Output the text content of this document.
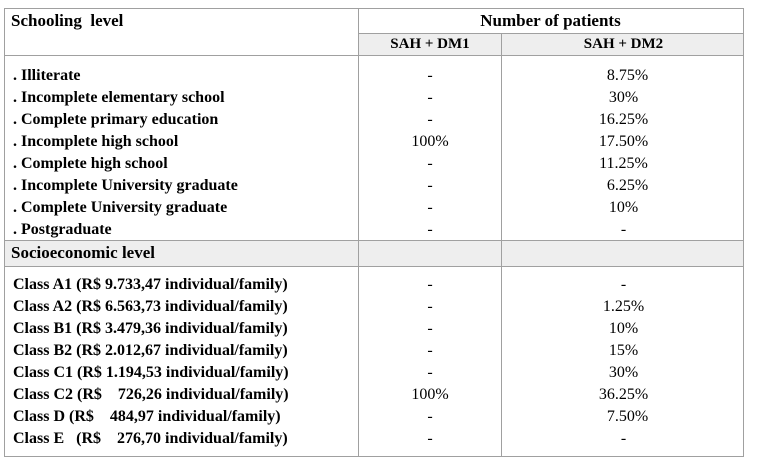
Schooling  level	Number of patients
SAH + DM1	SAH + DM2
. Illiterate	-	8.75%
. Incomplete elementary school	-	30%
. Complete primary education	-	16.25%
. Incomplete high school	100%	17.50%
. Complete high school	-	11.25%
. Incomplete University graduate	-	6.25%
. Complete University graduate	-	10%
. Postgraduate	-	-
Socioeconomic level
Class A1 (R$ 9.733,47 individual/family)	-	-
Class A2 (R$ 6.563,73 individual/family)	-	1.25%
Class B1 (R$ 3.479,36 individual/family)	-	10%
Class B2 (R$ 2.012,67 individual/family)	-	15%
Class C1 (R$ 1.194,53 individual/family)	-	30%
Class C2 (R$    726,26 individual/family)	100%	36.25%
Class D (R$    484,97 individual/family)	-	7.50%
Class E   (R$    276,70 individual/family)	-	-
